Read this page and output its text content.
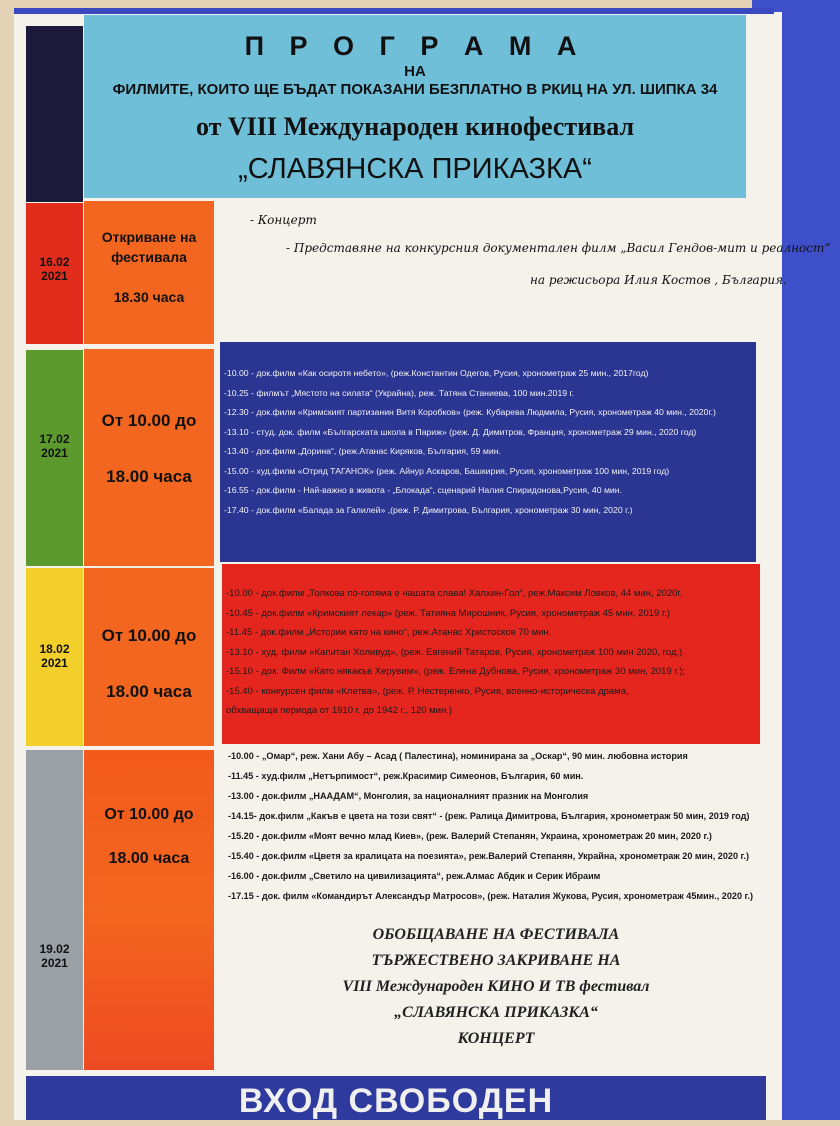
П Р О Г Р А М А
НА
ФИЛМИТЕ, КОИТО ЩЕ БЪДАТ ПОКАЗАНИ БЕЗПЛАТНО В РКИЦ НА УЛ. ШИПКА 34
от VIII Международен кинофестивал
„СЛАВЯНСКА ПРИКАЗКА“
16.02
2021
Откриване на
фестивала
18.30 часа
- Концерт
- Представяне на конкурсния документален филм „Васил Гендов-мит и реалност“
на режисьора Илия Костов , България.
17.02
2021
От 10.00 до
18.00 часа
-10.00 - док.филм «Как осиротя небето», (реж.Константин Одегов, Русия, хронометраж 25 мин., 2017год)
-10.25 - филмът „Мястото на силата“ (Украйна), реж. Татяна Станиева, 100 мин.2019 г.
-12.30 - док.филм «Кримският партизанин Витя Коробков» (реж. Кубарева Людмила, Русия, хронометраж 40 мин., 2020г.)
-13.10 - студ. док. филм «Българската школа в Париж» (реж. Д. Димитров, Франция, хронометраж 29 мин., 2020 год)
-13.40 - док.филм „Дорина“, (реж.Атанас Киряков, България, 59 мин.
-15.00 - худ.филм «Отряд ТАГАНОК» (реж. Айнур Аскаров, Башкирия, Русия, хронометраж 100 мин, 2019 год)
-16.55 - док.филм - Най-важно в живота - „Блокада“, сценарий Налия Спиридонова,Русия, 40 мин.
-17.40 - док.филм «Балада за Галилей» ,(реж. Р. Димитрова, България, хронометраж 30 мин, 2020 г.)
18.02
2021
От 10.00 до
18.00 часа
-10.00 - док.филм „Толкова по-голяма е нашата слава! Халхин-Гол“, реж.Максим Ловков, 44 мин, 2020г.
-10.45 - док.филм «Кримският лекар» (реж. Татияна Мирошник, Русия, хронометраж 45 мин, 2019 г.)
-11.45 - док.филм „Истории като на кино“, реж.Атанас Христосков 70 мин.
-13.10 - худ. филм «Капитан Холивуд», (реж. Евгений Татаров, Русия, хронометраж 100 мин 2020, год.)
-15.10 - док. Филм «Като някакъв Херувим», (реж. Елена Дубнова, Русия, хронометраж 30 мин, 2019 г.);
-15.40 - конкурсен филм «Клетва», (реж. Р. Нестеренко, Русия, военно-историческа драма,
обхващаща периода от 1910 г. до 1942 г., 120 мин.)
19.02
2021
От 10.00 до
18.00 часа
-10.00 - „Омар“, реж. Хани Абу – Асад ( Палестина), номинирана за „Оскар“, 90 мин. любовна история
-11.45 - худ.филм „Нетърпимост“, реж.Красимир Симеонов, България, 60 мин.
-13.00 - док.филм „НААДАМ“, Монголия, за националният празник на Монголия
-14.15- док.филм „Какъв е цвета на този свят“ - (реж. Ралица Димитрова, България, хронометраж 50 мин, 2019 год)
-15.20 - док.филм «Моят вечно млад Киев», (реж. Валерий Степанян, Украина, хронометраж 20 мин, 2020 г.)
-15.40 - док.филм «Цветя за кралицата на поезията», реж.Валерий Степанян, Украйна, хронометраж 20 мин, 2020 г.)
-16.00 - док.филм „Светило на цивилизацията“, реж.Алмас Абдик и Серик Ибраим
-17.15 - док. филм «Командирът Александър Матросов», (реж. Наталия Жукова, Русия, хронометраж 45мин., 2020 г.)
ОБОБЩАВАНЕ НА ФЕСТИВАЛА
ТЪРЖЕСТВЕНО ЗАКРИВАНЕ НА
VIII Международен КИНО И ТВ фестивал
„СЛАВЯНСКА ПРИКАЗКА“
КОНЦЕРТ
ВХОД СВОБОДЕН
